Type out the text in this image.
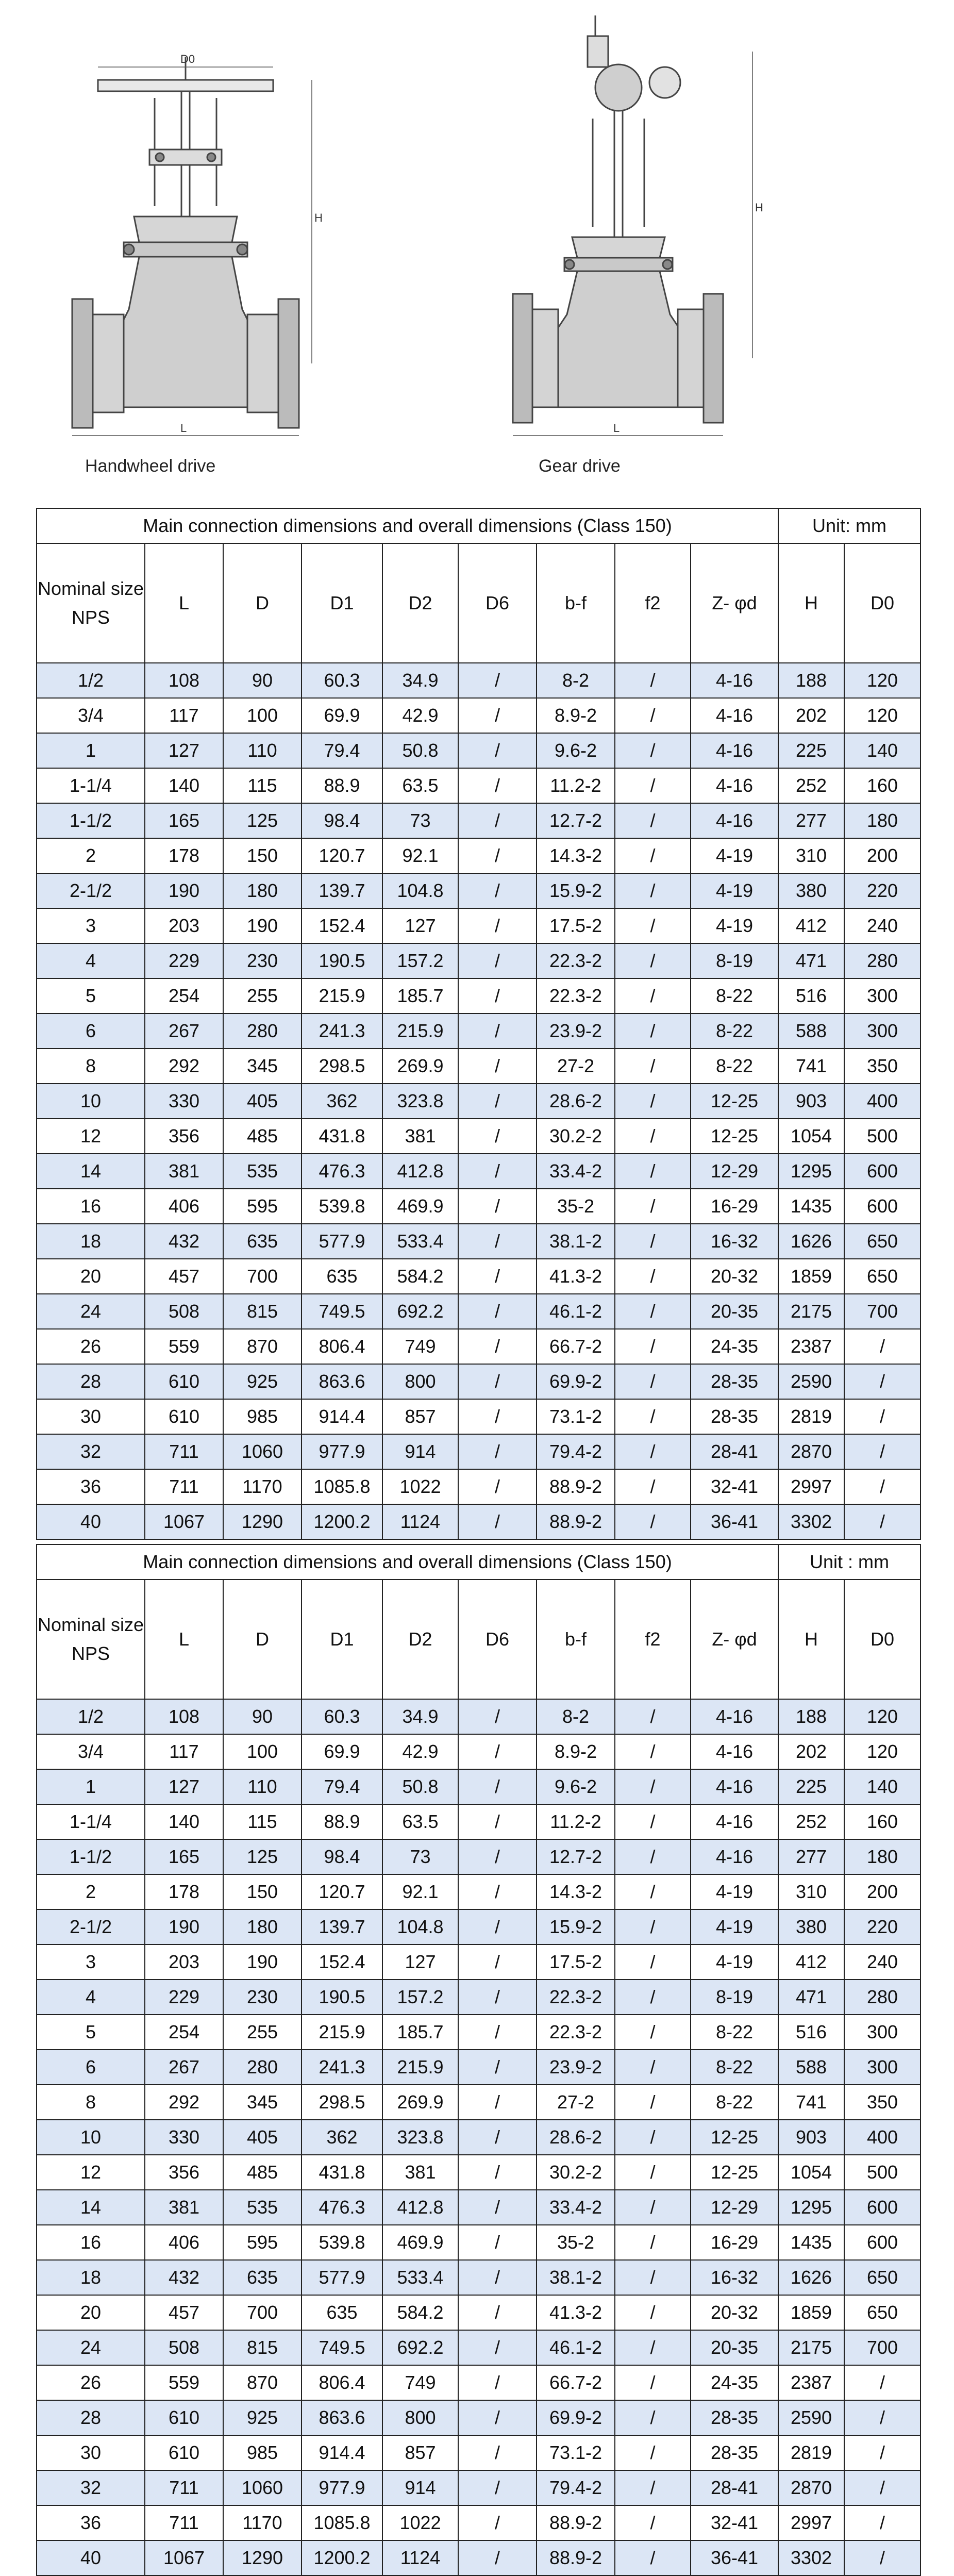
D0
H
L
Handwheel drive
H
L
Gear drive
Main connection dimensions and overall dimensions (Class 150)									Unit: mm	
Nominal size NPS	L	D	D1	D2	D6	b-f	f2	Z- φd	H	D0
1/2	108	90	60.3	34.9	/	8-2	/	4-16	188	120
3/4	117	100	69.9	42.9	/	8.9-2	/	4-16	202	120
1	127	110	79.4	50.8	/	9.6-2	/	4-16	225	140
1-1/4	140	115	88.9	63.5	/	11.2-2	/	4-16	252	160
1-1/2	165	125	98.4	73	/	12.7-2	/	4-16	277	180
2	178	150	120.7	92.1	/	14.3-2	/	4-19	310	200
2-1/2	190	180	139.7	104.8	/	15.9-2	/	4-19	380	220
3	203	190	152.4	127	/	17.5-2	/	4-19	412	240
4	229	230	190.5	157.2	/	22.3-2	/	8-19	471	280
5	254	255	215.9	185.7	/	22.3-2	/	8-22	516	300
6	267	280	241.3	215.9	/	23.9-2	/	8-22	588	300
8	292	345	298.5	269.9	/	27-2	/	8-22	741	350
10	330	405	362	323.8	/	28.6-2	/	12-25	903	400
12	356	485	431.8	381	/	30.2-2	/	12-25	1054	500
14	381	535	476.3	412.8	/	33.4-2	/	12-29	1295	600
16	406	595	539.8	469.9	/	35-2	/	16-29	1435	600
18	432	635	577.9	533.4	/	38.1-2	/	16-32	1626	650
20	457	700	635	584.2	/	41.3-2	/	20-32	1859	650
24	508	815	749.5	692.2	/	46.1-2	/	20-35	2175	700
26	559	870	806.4	749	/	66.7-2	/	24-35	2387	/
28	610	925	863.6	800	/	69.9-2	/	28-35	2590	/
30	610	985	914.4	857	/	73.1-2	/	28-35	2819	/
32	711	1060	977.9	914	/	79.4-2	/	28-41	2870	/
36	711	1170	1085.8	1022	/	88.9-2	/	32-41	2997	/
40	1067	1290	1200.2	1124	/	88.9-2	/	36-41	3302	/
Main connection dimensions and overall dimensions (Class 150)									Unit : mm	
Nominal size NPS	L	D	D1	D2	D6	b-f	f2	Z- φd	H	D0
1/2	108	90	60.3	34.9	/	8-2	/	4-16	188	120
3/4	117	100	69.9	42.9	/	8.9-2	/	4-16	202	120
1	127	110	79.4	50.8	/	9.6-2	/	4-16	225	140
1-1/4	140	115	88.9	63.5	/	11.2-2	/	4-16	252	160
1-1/2	165	125	98.4	73	/	12.7-2	/	4-16	277	180
2	178	150	120.7	92.1	/	14.3-2	/	4-19	310	200
2-1/2	190	180	139.7	104.8	/	15.9-2	/	4-19	380	220
3	203	190	152.4	127	/	17.5-2	/	4-19	412	240
4	229	230	190.5	157.2	/	22.3-2	/	8-19	471	280
5	254	255	215.9	185.7	/	22.3-2	/	8-22	516	300
6	267	280	241.3	215.9	/	23.9-2	/	8-22	588	300
8	292	345	298.5	269.9	/	27-2	/	8-22	741	350
10	330	405	362	323.8	/	28.6-2	/	12-25	903	400
12	356	485	431.8	381	/	30.2-2	/	12-25	1054	500
14	381	535	476.3	412.8	/	33.4-2	/	12-29	1295	600
16	406	595	539.8	469.9	/	35-2	/	16-29	1435	600
18	432	635	577.9	533.4	/	38.1-2	/	16-32	1626	650
20	457	700	635	584.2	/	41.3-2	/	20-32	1859	650
24	508	815	749.5	692.2	/	46.1-2	/	20-35	2175	700
26	559	870	806.4	749	/	66.7-2	/	24-35	2387	/
28	610	925	863.6	800	/	69.9-2	/	28-35	2590	/
30	610	985	914.4	857	/	73.1-2	/	28-35	2819	/
32	711	1060	977.9	914	/	79.4-2	/	28-41	2870	/
36	711	1170	1085.8	1022	/	88.9-2	/	32-41	2997	/
40	1067	1290	1200.2	1124	/	88.9-2	/	36-41	3302	/
